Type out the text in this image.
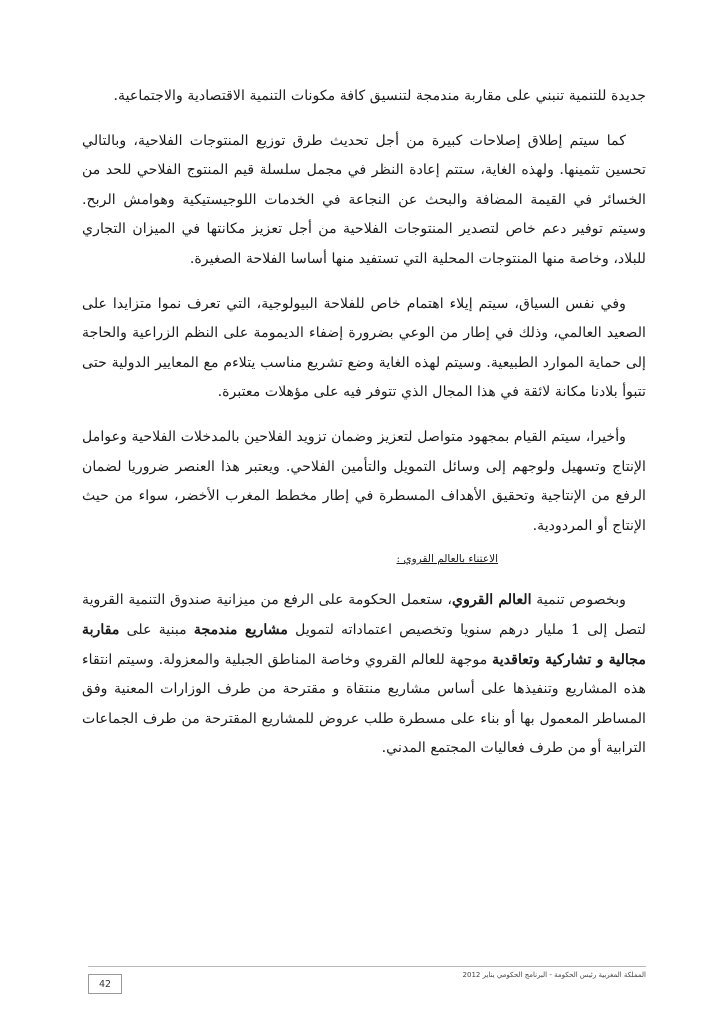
جديدة للتنمية تنبني على مقاربة مندمجة لتنسيق كافة مكونات التنمية الاقتصادية والاجتماعية.

كما سيتم إطلاق إصلاحات كبيرة من أجل تحديث طرق توزيع المنتوجات الفلاحية، وبالتالي تحسين تثمينها. ولهذه الغاية، ستتم إعادة النظر في مجمل سلسلة قيم المنتوج الفلاحي للحد من الخسائر في القيمة المضافة والبحث عن النجاعة في الخدمات اللوجيستيكية وهوامش الربح. وسيتم توفير دعم خاص لتصدير المنتوجات الفلاحية من أجل تعزيز مكانتها في الميزان التجاري للبلاد، وخاصة منها المنتوجات المحلية التي تستفيد منها أساسا الفلاحة الصغيرة.

وفي نفس السياق، سيتم إيلاء اهتمام خاص للفلاحة البيولوجية، التي تعرف نموا متزايدا على الصعيد العالمي، وذلك في إطار من الوعي بضرورة إضفاء الديمومة على النظم الزراعية والحاجة إلى حماية الموارد الطبيعية. وسيتم لهذه الغاية وضع تشريع مناسب يتلاءم مع المعايير الدولية حتى تتبوأ بلادنا مكانة لائقة في هذا المجال الذي تتوفر فيه على مؤهلات معتبرة.

وأخيرا، سيتم القيام بمجهود متواصل لتعزيز وضمان تزويد الفلاحين بالمدخلات الفلاحية وعوامل الإنتاج وتسهيل ولوجهم إلى وسائل التمويل والتأمين الفلاحي. ويعتبر هذا العنصر ضروريا لضمان الرفع من الإنتاجية وتحقيق الأهداف المسطرة في إطار مخطط المغرب الأخضر، سواء من حيث الإنتاج أو المردودية.

الاعتناء بالعالم القروي :

وبخصوص تنمية العالم القروي، ستعمل الحكومة على الرفع من ميزانية صندوق التنمية القروية لتصل إلى 1 مليار درهم سنويا وتخصيص اعتماداته لتمويل مشاريع مندمجة مبنية على مقاربة مجالية و تشاركية وتعاقدية موجهة للعالم القروي وخاصة المناطق الجبلية والمعزولة. وسيتم انتقاء هذه المشاريع وتنفيذها على أساس مشاريع منتقاة و مقترحة من طرف الوزارات المعنية وفق المساطر المعمول بها أو بناء على مسطرة طلب عروض للمشاريع المقترحة من طرف الجماعات الترابية أو من طرف فعاليات المجتمع المدني.

المملكة المغربية رئيس الحكومة - البرنامج الحكومي يناير 2012
42
